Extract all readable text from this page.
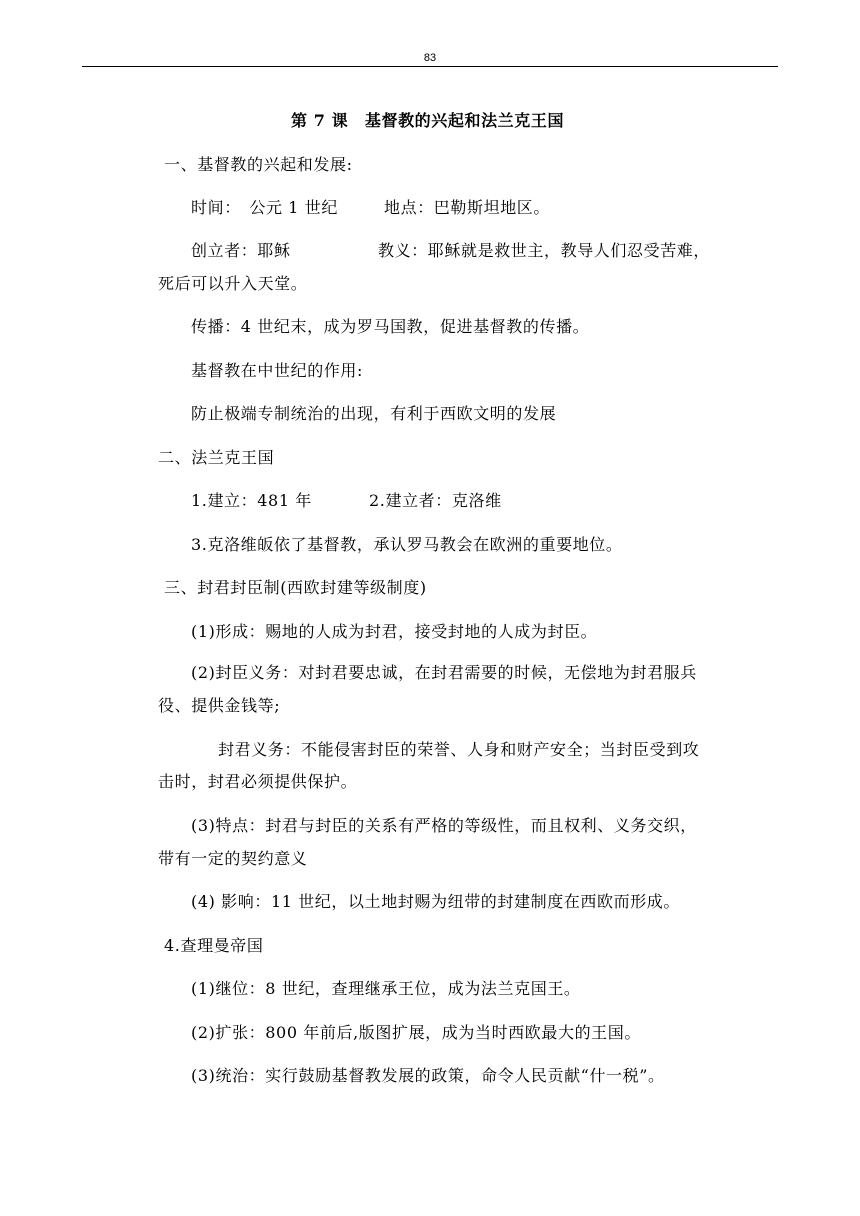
83
第 7 课　基督教的兴起和法兰克王国
一、基督教的兴起和发展:
时间：　公元 1 世纪	地点：巴勒斯坦地区。
创立者：耶稣	教义：耶稣就是救世主，教导人们忍受苦难，
死后可以升入天堂。
传播：4 世纪末，成为罗马国教，促进基督教的传播。
基督教在中世纪的作用:
防止极端专制统治的出现，有利于西欧文明的发展
二、法兰克王国
1.建立：481 年	2.建立者：克洛维
3.克洛维皈依了基督教，承认罗马教会在欧洲的重要地位。
三、封君封臣制(西欧封建等级制度)
(1)形成：赐地的人成为封君，接受封地的人成为封臣。
(2)封臣义务：对封君要忠诚，在封君需要的时候，无偿地为封君服兵
役、提供金钱等;
封君义务：不能侵害封臣的荣誉、人身和财产安全；当封臣受到攻
击时，封君必须提供保护。
(3)特点：封君与封臣的关系有严格的等级性，而且权利、义务交织，
带有一定的契约意义
(4) 影响：11 世纪，以土地封赐为纽带的封建制度在西欧而形成。
4.查理曼帝国
(1)继位：8 世纪，查理继承王位，成为法兰克国王。
(2)扩张：800 年前后,版图扩展，成为当时西欧最大的王国。
(3)统治：实行鼓励基督教发展的政策，命令人民贡献“什一税”。
